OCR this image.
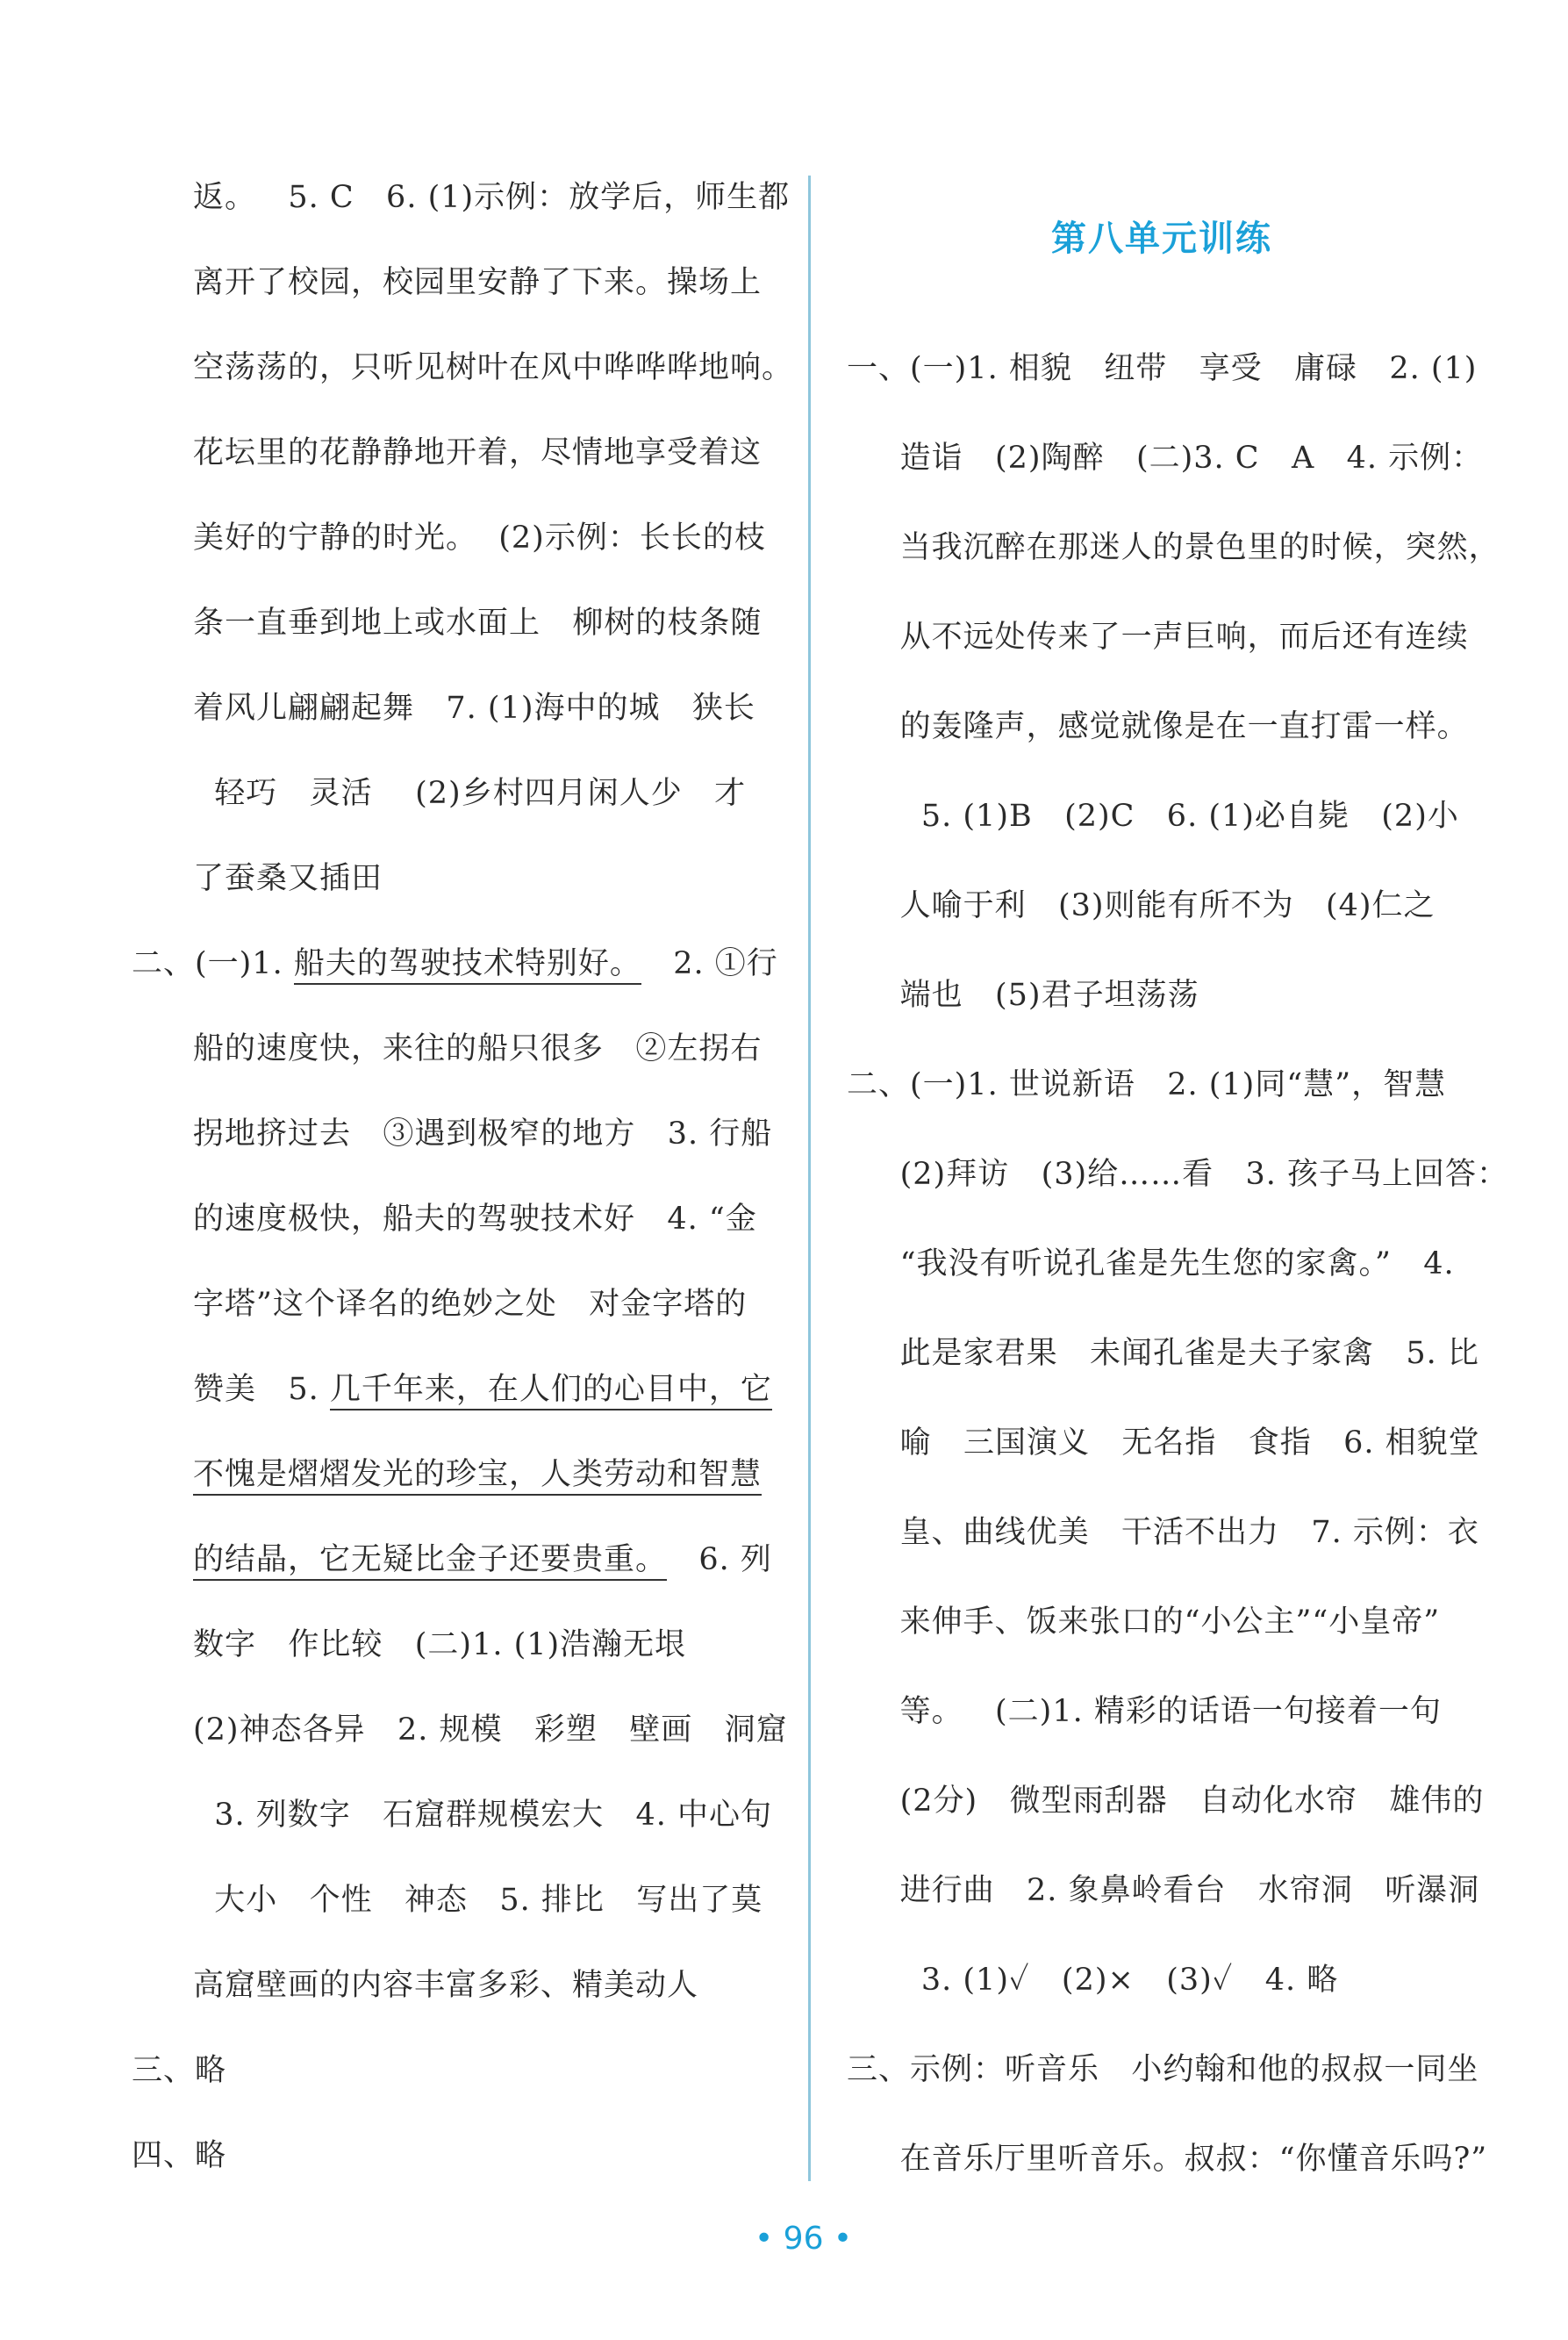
返。   5. C   6. (1)示例：放学后，师生都
离开了校园，校园里安静了下来。操场上
空荡荡的，只听见树叶在风中哗哗哗地响。
花坛里的花静静地开着，尽情地享受着这
美好的宁静的时光。  (2)示例：长长的枝
条一直垂到地上或水面上   柳树的枝条随
着风儿翩翩起舞   7. (1)海中的城   狭长
轻巧   灵活    (2)乡村四月闲人少   才
了蚕桑又插田
二、(一)1. 船夫的驾驶技术特别好。   2. ①行
船的速度快，来往的船只很多   ②左拐右
拐地挤过去   ③遇到极窄的地方   3. 行船
的速度极快，船夫的驾驶技术好   4. “金
字塔”这个译名的绝妙之处   对金字塔的
赞美   5. 几千年来，在人们的心目中，它
不愧是熠熠发光的珍宝，人类劳动和智慧
的结晶，它无疑比金子还要贵重。   6. 列
数字   作比较   (二)1. (1)浩瀚无垠
(2)神态各异   2. 规模   彩塑   壁画   洞窟
3. 列数字   石窟群规模宏大   4. 中心句
大小   个性   神态   5. 排比   写出了莫
高窟壁画的内容丰富多彩、精美动人
三、略
四、略
第八单元训练
一、(一)1. 相貌   纽带   享受   庸碌   2. (1)
造诣   (2)陶醉   (二)3. C   A   4. 示例：
当我沉醉在那迷人的景色里的时候，突然，
从不远处传来了一声巨响，而后还有连续
的轰隆声，感觉就像是在一直打雷一样。
5. (1)B   (2)C   6. (1)必自毙   (2)小
人喻于利   (3)则能有所不为   (4)仁之
端也   (5)君子坦荡荡
二、(一)1. 世说新语   2. (1)同“慧”，智慧
(2)拜访   (3)给……看   3. 孩子马上回答：
“我没有听说孔雀是先生您的家禽。”   4.
此是家君果   未闻孔雀是夫子家禽   5. 比
喻   三国演义   无名指   食指   6. 相貌堂
皇、曲线优美   干活不出力   7. 示例：衣
来伸手、饭来张口的“小公主”“小皇帝”
等。   (二)1. 精彩的话语一句接着一句
(2分)   微型雨刮器   自动化水帘   雄伟的
进行曲   2. 象鼻岭看台   水帘洞   听瀑洞
3. (1)✓   (2)×   (3)✓   4. 略
三、示例：听音乐   小约翰和他的叔叔一同坐
在音乐厅里听音乐。叔叔：“你懂音乐吗?”
• 96 •
